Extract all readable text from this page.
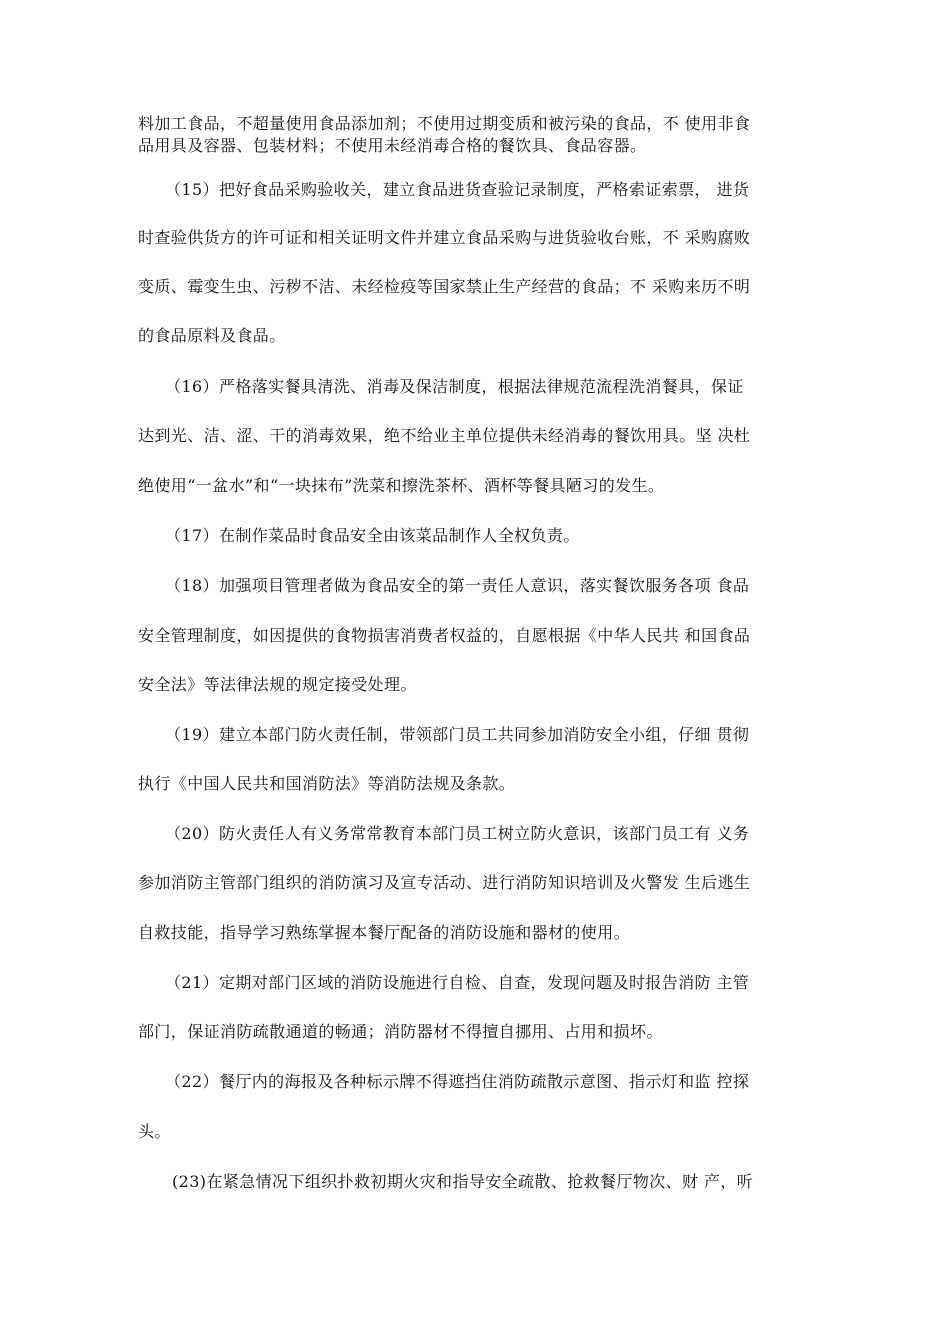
料加工食品，不超量使用食品添加剂；不使用过期变质和被污染的食品，不 使用非食
品用具及容器、包装材料；不使用未经消毒合格的餐饮具、食品容器。
（15）把好食品采购验收关，建立食品进货查验记录制度，严格索证索票， 进货
时查验供货方的许可证和相关证明文件并建立食品采购与进货验收台账，不 采购腐败
变质、霉变生虫、污秽不洁、未经检疫等国家禁止生产经营的食品；不 采购来历不明
的食品原料及食品。
（16）严格落实餐具清洗、消毒及保洁制度，根据法律规范流程洗消餐具，保证
达到光、洁、涩、干的消毒效果，绝不给业主单位提供未经消毒的餐饮用具。坚 决杜
绝使用“一盆水”和“一块抹布”洗菜和擦洗茶杯、酒杯等餐具陋习的发生。
（17）在制作菜品时食品安全由该菜品制作人全权负责。
（18）加强项目管理者做为食品安全的第一责任人意识，落实餐饮服务各项 食品
安全管理制度，如因提供的食物损害消费者权益的，自愿根据《中华人民共 和国食品
安全法》等法律法规的规定接受处理。
（19）建立本部门防火责任制，带领部门员工共同参加消防安全小组，仔细 贯彻
执行《中国人民共和国消防法》等消防法规及条款。
（20）防火责任人有义务常常教育本部门员工树立防火意识，该部门员工有 义务
参加消防主管部门组织的消防演习及宣专活动、进行消防知识培训及火警发 生后逃生
自救技能，指导学习熟练掌握本餐厅配备的消防设施和器材的使用。
（21）定期对部门区域的消防设施进行自检、自查，发现问题及时报告消防 主管
部门，保证消防疏散通道的畅通；消防器材不得擅自挪用、占用和损坏。
（22）餐厅内的海报及各种标示牌不得遮挡住消防疏散示意图、指示灯和监 控探
头。
(23)在紧急情况下组织扑救初期火灾和指导安全疏散、抢救餐厅物次、财 产，听
